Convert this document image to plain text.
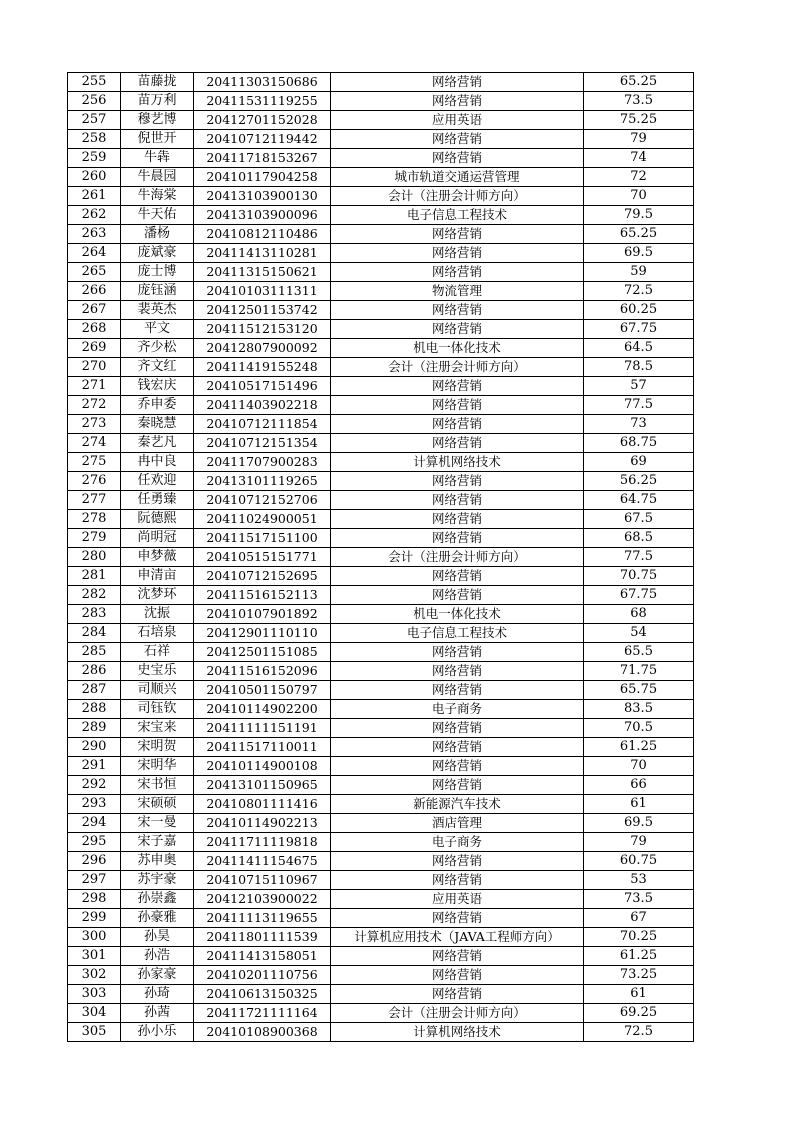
255	苗藤拢	20411303150686	网络营销	65.25
256	苗万利	20411531119255	网络营销	73.5
257	穆艺博	20412701152028	应用英语	75.25
258	倪世开	20410712119442	网络营销	79
259	牛犇	20411718153267	网络营销	74
260	牛晨园	20410117904258	城市轨道交通运营管理	72
261	牛海棠	20413103900130	会计（注册会计师方向）	70
262	牛天佑	20413103900096	电子信息工程技术	79.5
263	潘杨	20410812110486	网络营销	65.25
264	庞斌豪	20411413110281	网络营销	69.5
265	庞士博	20411315150621	网络营销	59
266	庞钰涵	20410103111311	物流管理	72.5
267	裴英杰	20412501153742	网络营销	60.25
268	平文	20411512153120	网络营销	67.75
269	齐少松	20412807900092	机电一体化技术	64.5
270	齐文红	20411419155248	会计（注册会计师方向）	78.5
271	钱宏庆	20410517151496	网络营销	57
272	乔申委	20411403902218	网络营销	77.5
273	秦晓慧	20410712111854	网络营销	73
274	秦艺凡	20410712151354	网络营销	68.75
275	冉中良	20411707900283	计算机网络技术	69
276	任欢迎	20413101119265	网络营销	56.25
277	任勇臻	20410712152706	网络营销	64.75
278	阮德熙	20411024900051	网络营销	67.5
279	尚明冠	20411517151100	网络营销	68.5
280	申梦薇	20410515151771	会计（注册会计师方向）	77.5
281	申清亩	20410712152695	网络营销	70.75
282	沈梦环	20411516152113	网络营销	67.75
283	沈振	20410107901892	机电一体化技术	68
284	石培泉	20412901110110	电子信息工程技术	54
285	石祥	20412501151085	网络营销	65.5
286	史宝乐	20411516152096	网络营销	71.75
287	司顺兴	20410501150797	网络营销	65.75
288	司钰钦	20410114902200	电子商务	83.5
289	宋宝来	20411111151191	网络营销	70.5
290	宋明贺	20411517110011	网络营销	61.25
291	宋明华	20410114900108	网络营销	70
292	宋书恒	20413101150965	网络营销	66
293	宋硕硕	20410801111416	新能源汽车技术	61
294	宋一曼	20410114902213	酒店管理	69.5
295	宋子嘉	20411711119818	电子商务	79
296	苏申奥	20411411154675	网络营销	60.75
297	苏宇豪	20410715110967	网络营销	53
298	孙崇鑫	20412103900022	应用英语	73.5
299	孙豪雅	20411113119655	网络营销	67
300	孙昊	20411801111539	计算机应用技术（JAVA工程师方向）	70.25
301	孙浩	20411413158051	网络营销	61.25
302	孙家豪	20410201110756	网络营销	73.25
303	孙琦	20410613150325	网络营销	61
304	孙茜	20411721111164	会计（注册会计师方向）	69.25
305	孙小乐	20410108900368	计算机网络技术	72.5
